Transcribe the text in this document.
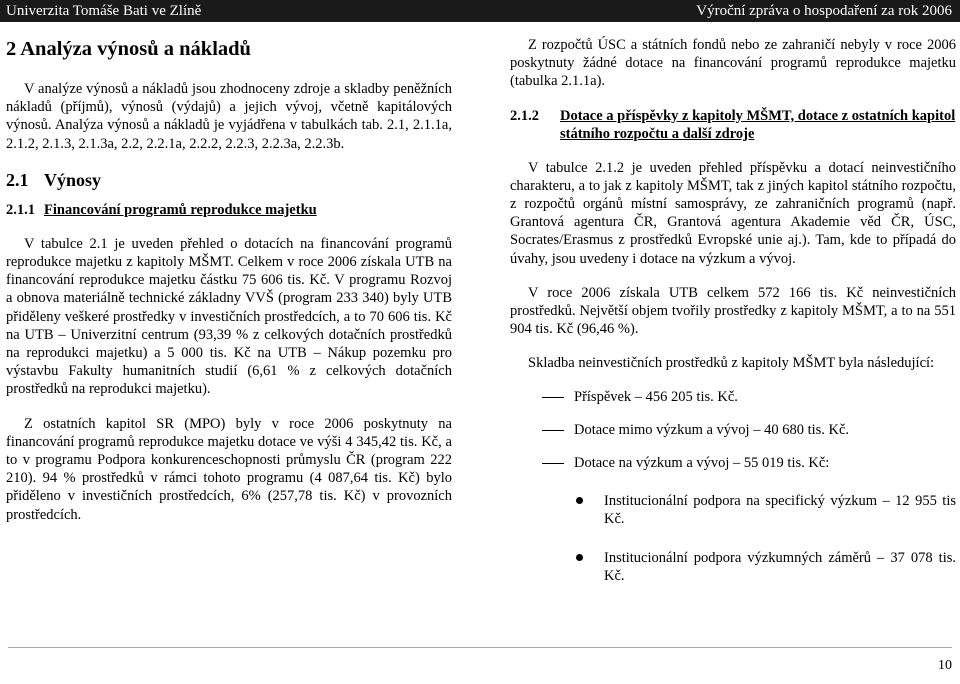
Univerzita Tomáše Bati ve Zlíně	Výroční zpráva o hospodaření za rok 2006
2 Analýza výnosů a nákladů

V analýze výnosů a nákladů jsou zhodnoceny zdroje a skladby peněžních nákladů (příjmů), výnosů (výdajů) a jejich vývoj, včetně kapitálových výnosů. Analýza výnosů a nákladů je vyjádřena v tabulkách tab. 2.1, 2.1.1a, 2.1.2, 2.1.3, 2.1.3a, 2.2, 2.2.1a, 2.2.2, 2.2.3, 2.2.3a, 2.2.3b.

2.1 Výnosy
2.1.1 Financování programů reprodukce majetku

V tabulce 2.1 je uveden přehled o dotacích na financování programů reprodukce majetku z kapitoly MŠMT. Celkem v roce 2006 získala UTB na financování reprodukce majetku částku 75 606 tis. Kč. V programu Rozvoj a obnova materiálně technické základny VVŠ (program 233 340) byly UTB přiděleny veškeré prostředky v investičních prostředcích, a to 70 606 tis. Kč na UTB – Univerzitní centrum (93,39 % z celkových dotačních prostředků na reprodukci majetku) a 5 000 tis. Kč na UTB – Nákup pozemku pro výstavbu Fakulty humanitních studií (6,61 % z celkových dotačních prostředků na reprodukci majetku).

Z ostatních kapitol SR (MPO) byly v roce 2006 poskytnuty na financování programů reprodukce majetku dotace ve výši 4 345,42 tis. Kč, a to v programu Podpora konkurenceschopnosti průmyslu ČR (program 222 210). 94 % prostředků v rámci tohoto programu (4 087,64 tis. Kč) bylo přiděleno v investičních prostředcích, 6% (257,78 tis. Kč) v provozních prostředcích.

Z rozpočtů ÚSC a státních fondů nebo ze zahraničí nebyly v roce 2006 poskytnuty žádné dotace na financování programů reprodukce majetku (tabulka 2.1.1a).

2.1.2	Dotace a příspěvky z kapitoly MŠMT, dotace z ostatních kapitol státního rozpočtu a další zdroje

V tabulce 2.1.2 je uveden přehled příspěvku a dotací neinvestičního charakteru, a to jak z kapitoly MŠMT, tak z jiných kapitol státního rozpočtu, z rozpočtů orgánů místní samosprávy, ze zahraničních programů (např. Grantová agentura ČR, Grantová agentura Akademie věd ČR, ÚSC, Socrates/Erasmus z prostředků Evropské unie aj.). Tam, kde to případá do úvahy, jsou uvedeny i dotace na výzkum a vývoj.

V roce 2006 získala UTB celkem 572 166 tis. Kč neinvestičních prostředků. Největší objem tvořily prostředky z kapitoly MŠMT, a to na 551 904 tis. Kč (96,46 %).

Skladba neinvestičních prostředků z kapitoly MŠMT byla následující:

Příspěvek – 456 205 tis. Kč.
Dotace mimo výzkum a vývoj – 40 680 tis. Kč.
Dotace na výzkum a vývoj – 55 019 tis. Kč:
Institucionální podpora na specifický výzkum – 12 955 tis Kč.
Institucionální podpora výzkumných záměrů – 37 078 tis. Kč.
10
